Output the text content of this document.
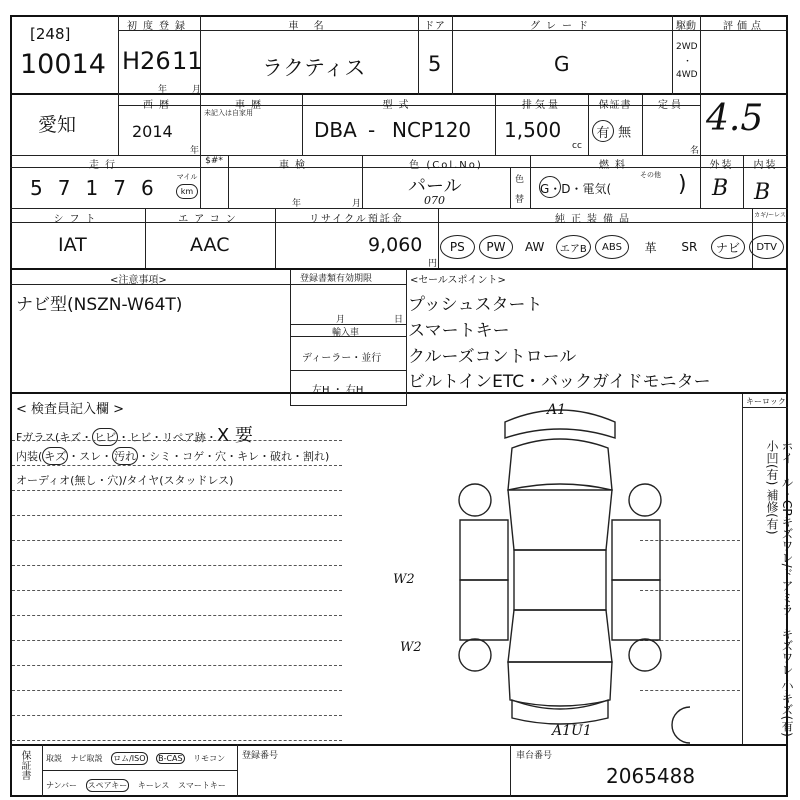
[248]
10014
初度登録
H26 11
年	月
車 名
ラクティス
ドア
5
グレード
G
駆動
2WD
・
4WD
評価点
4.5
愛知
西暦
2014
年
車歴
未記入は自家用
型式
DBA - NCP120
排気量
1,500
cc
保証書
有 無
定員
名
走行
57176 マイル
km
$#*	車検
年	月
色 (Col.No)
パール
070
色
替
燃料
G・D・電気(
その他 )
外装
B
内装
B
シフト
IAT
エアコン
AAC
リサイクル預託金
9,060
円
純正装備品	カギ/ーレス
PS	PW	AW	エアB	ABS	革	SR	ナビ	DTV
<注意事項>
ナビ型(NSZN-W64T)
登録書類有効期限
月	日
輸入車
ディーラー・並行
左H ・ 右H
<セールスポイント>
プッシュスタート
スマートキー
クルーズコントロール
ビルトインETC・バックガイドモニター
< 検査員記入欄 >
Fガラス(キズ・ ヒビ ・ヒビ・リペア跡・X 要
内装( キズ ・スレ・ 汚れ ・シミ・コゲ・穴・キレ・破れ・割れ)
オーディオ(無し・穴)/タイヤ(スタッドレス)
A1
W2
W2
A1U1
キーロック
ホイール・CPキズワレ/ドアミラーキズワレ 小キズ(有) 小凹(有) 補修(有)
保証書 取説 ナビ取説 ロム/ISO B-CAS リモコン
ナンバー スペアキー キーレス スマートキー
登録番号	車台番号
2065488
